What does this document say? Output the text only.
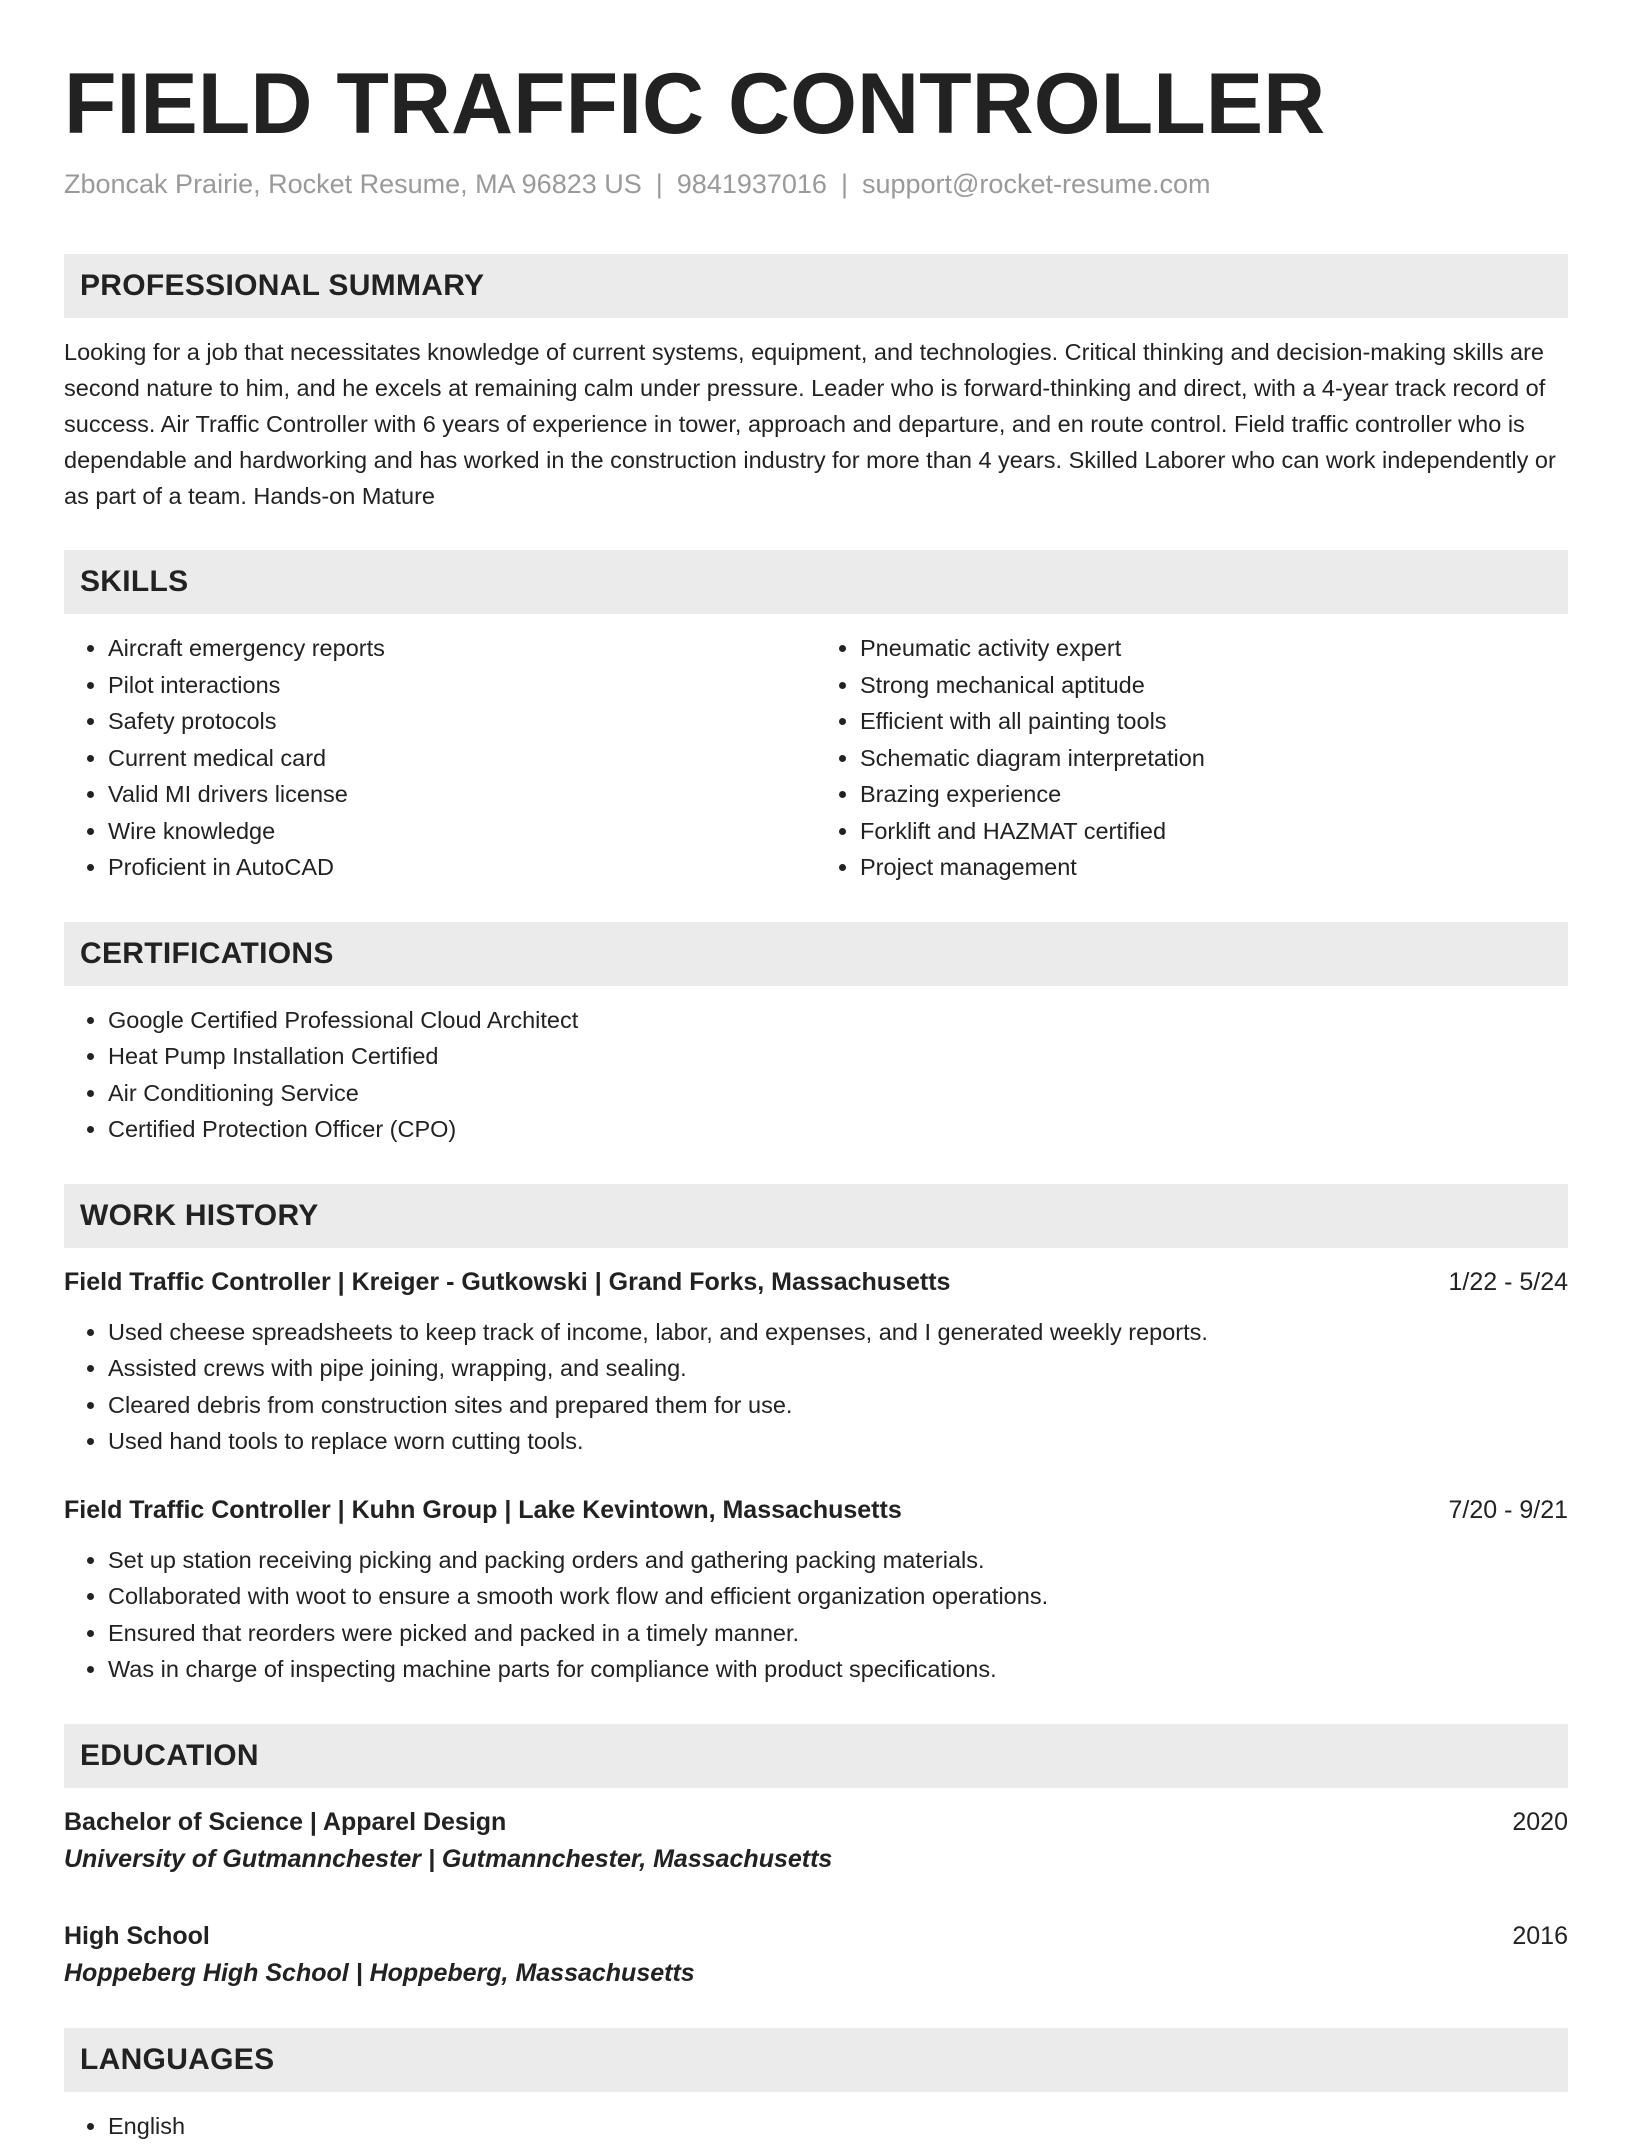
FIELD TRAFFIC CONTROLLER
Zboncak Prairie, Rocket Resume, MA 96823 US | 9841937016 | support@rocket-resume.com
PROFESSIONAL SUMMARY
Looking for a job that necessitates knowledge of current systems, equipment, and technologies. Critical thinking and decision-making skills are second nature to him, and he excels at remaining calm under pressure. Leader who is forward-thinking and direct, with a 4-year track record of success. Air Traffic Controller with 6 years of experience in tower, approach and departure, and en route control. Field traffic controller who is dependable and hardworking and has worked in the construction industry for more than 4 years. Skilled Laborer who can work independently or as part of a team. Hands-on Mature
SKILLS
• Aircraft emergency reports
• Pilot interactions
• Safety protocols
• Current medical card
• Valid MI drivers license
• Wire knowledge
• Proficient in AutoCAD
• Pneumatic activity expert
• Strong mechanical aptitude
• Efficient with all painting tools
• Schematic diagram interpretation
• Brazing experience
• Forklift and HAZMAT certified
• Project management
CERTIFICATIONS
• Google Certified Professional Cloud Architect
• Heat Pump Installation Certified
• Air Conditioning Service
• Certified Protection Officer (CPO)
WORK HISTORY
Field Traffic Controller | Kreiger - Gutkowski | Grand Forks, Massachusetts	1/22 - 5/24
• Used cheese spreadsheets to keep track of income, labor, and expenses, and I generated weekly reports.
• Assisted crews with pipe joining, wrapping, and sealing.
• Cleared debris from construction sites and prepared them for use.
• Used hand tools to replace worn cutting tools.
Field Traffic Controller | Kuhn Group | Lake Kevintown, Massachusetts	7/20 - 9/21
• Set up station receiving picking and packing orders and gathering packing materials.
• Collaborated with woot to ensure a smooth work flow and efficient organization operations.
• Ensured that reorders were picked and packed in a timely manner.
• Was in charge of inspecting machine parts for compliance with product specifications.
EDUCATION
Bachelor of Science | Apparel Design	2020
University of Gutmannchester | Gutmannchester, Massachusetts
High School	2016
Hoppeberg High School | Hoppeberg, Massachusetts
LANGUAGES
• English
